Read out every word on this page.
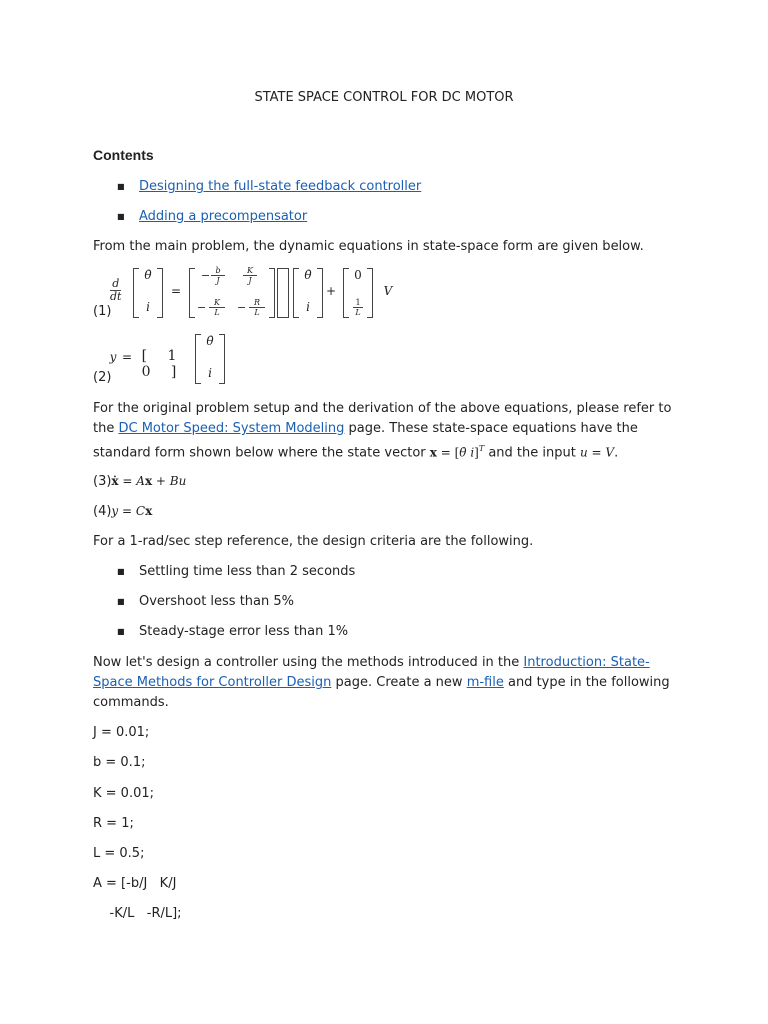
STATE SPACE CONTROL FOR DC MOTOR
Contents
■ Designing the full-state feedback controller
■ Adding a precompensator
From the main problem, the dynamic equations in state-space form are given below.
(1)
$\frac{d}{dt}$
θ̇
i
=
− b
J	$\frac{K}{J}$
− K
L	− R
L
θ̇
i
+
0
$\frac{1}{L}$
V
(2)
y = [ 1 0 ]
θ̇
i
For the original problem setup and the derivation of the above equations, please refer to the DC Motor Speed: System Modeling page. These state-space equations have the standard form shown below where the state vector x = [θ̇ i]$^T$ and the input u = V.
(3)ẋ = Ax + Bu
(4)y = Cx
For a 1-rad/sec step reference, the design criteria are the following.
■ Settling time less than 2 seconds
■ Overshoot less than 5%
■ Steady-stage error less than 1%
Now let's design a controller using the methods introduced in the Introduction: State-Space Methods for Controller Design page. Create a new m-file and type in the following commands.
J = 0.01;
b = 0.1;
K = 0.01;
R = 1;
L = 0.5;
A = [-b/J   K/J
-K/L   -R/L];
